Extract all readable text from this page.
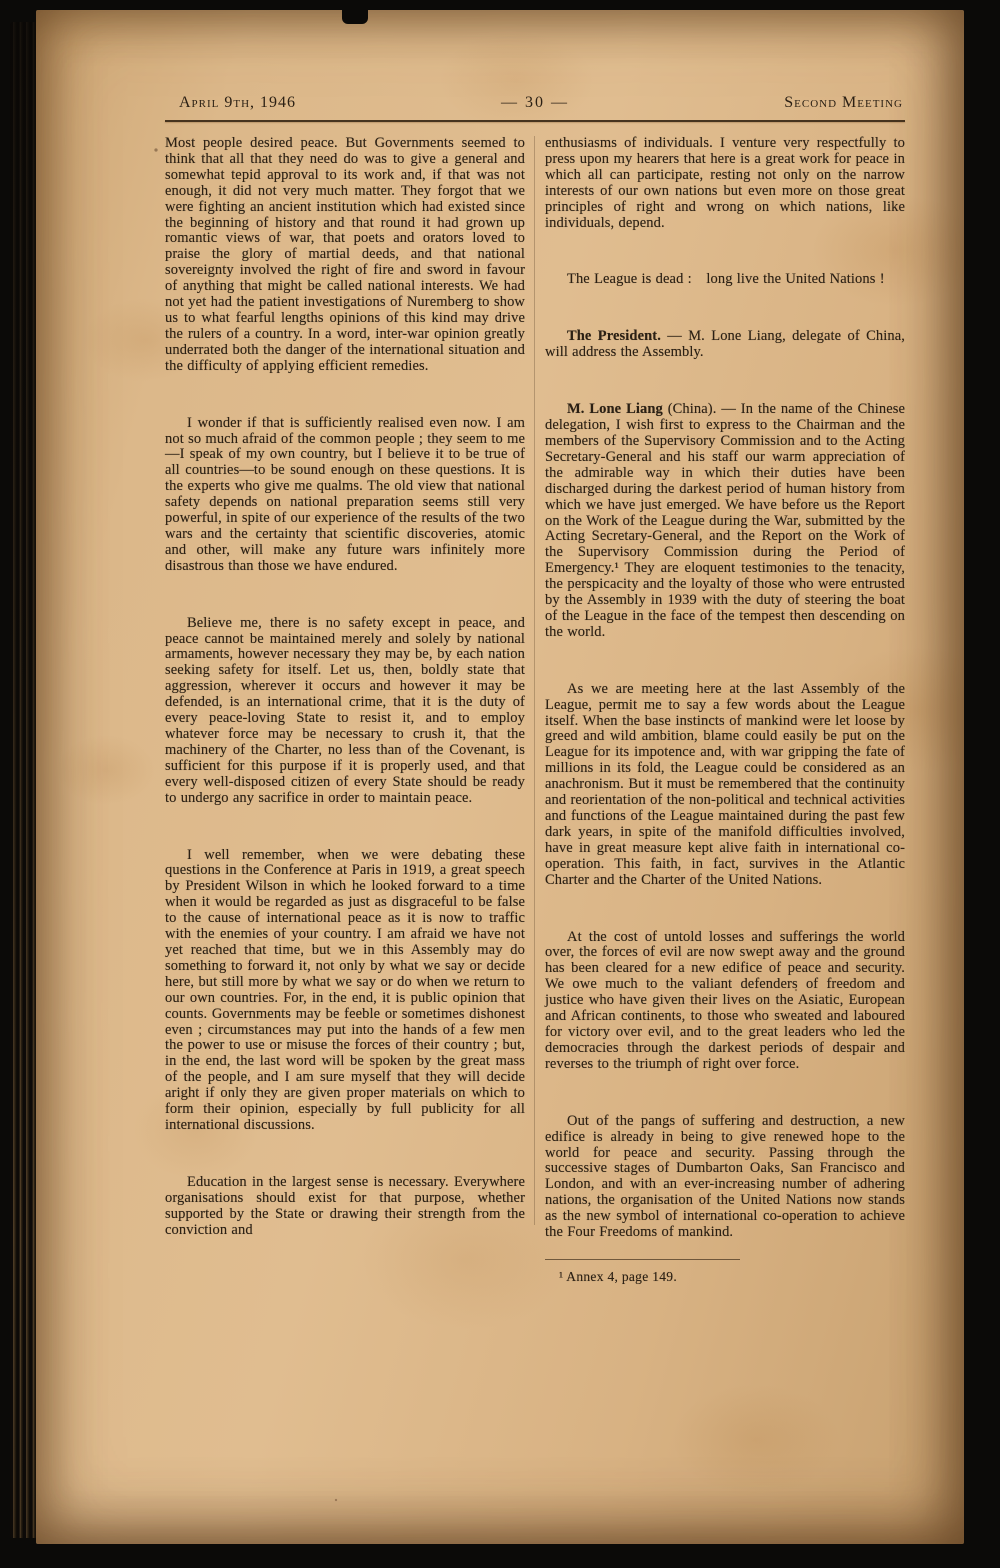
April 9th, 1946	— 30 —	Second Meeting

Most people desired peace. But Governments seemed to think that all that they need do was to give a general and somewhat tepid approval to its work and, if that was not enough, it did not very much matter. They forgot that we were fighting an ancient institution which had existed since the beginning of history and that round it had grown up romantic views of war, that poets and orators loved to praise the glory of martial deeds, and that national sovereignty involved the right of fire and sword in favour of anything that might be called national interests. We had not yet had the patient investigations of Nuremberg to show us to what fearful lengths opinions of this kind may drive the rulers of a country. In a word, inter-war opinion greatly underrated both the danger of the international situation and the difficulty of applying efficient remedies.

I wonder if that is sufficiently realised even now. I am not so much afraid of the common people ; they seem to me—I speak of my own country, but I believe it to be true of all countries—to be sound enough on these questions. It is the experts who give me qualms. The old view that national safety depends on national preparation seems still very powerful, in spite of our experience of the results of the two wars and the certainty that scientific discoveries, atomic and other, will make any future wars infinitely more disastrous than those we have endured.

Believe me, there is no safety except in peace, and peace cannot be maintained merely and solely by national armaments, however necessary they may be, by each nation seeking safety for itself. Let us, then, boldly state that aggression, wherever it occurs and however it may be defended, is an international crime, that it is the duty of every peace-loving State to resist it, and to employ whatever force may be necessary to crush it, that the machinery of the Charter, no less than of the Covenant, is sufficient for this purpose if it is properly used, and that every well-disposed citizen of every State should be ready to undergo any sacrifice in order to maintain peace.

I well remember, when we were debating these questions in the Conference at Paris in 1919, a great speech by President Wilson in which he looked forward to a time when it would be regarded as just as disgraceful to be false to the cause of international peace as it is now to traffic with the enemies of your country. I am afraid we have not yet reached that time, but we in this Assembly may do something to forward it, not only by what we say or decide here, but still more by what we say or do when we return to our own countries. For, in the end, it is public opinion that counts. Governments may be feeble or sometimes dishonest even ; circumstances may put into the hands of a few men the power to use or misuse the forces of their country ; but, in the end, the last word will be spoken by the great mass of the people, and I am sure myself that they will decide aright if only they are given proper materials on which to form their opinion, especially by full publicity for all international discussions.

Education in the largest sense is necessary. Everywhere organisations should exist for that purpose, whether supported by the State or drawing their strength from the conviction and

enthusiasms of individuals. I venture very respectfully to press upon my hearers that here is a great work for peace in which all can participate, resting not only on the narrow interests of our own nations but even more on those great principles of right and wrong on which nations, like individuals, depend.

The League is dead : long live the United Nations !

The President. — M. Lone Liang, delegate of China, will address the Assembly.

M. Lone Liang (China). — In the name of the Chinese delegation, I wish first to express to the Chairman and the members of the Supervisory Commission and to the Acting Secretary-General and his staff our warm appreciation of the admirable way in which their duties have been discharged during the darkest period of human history from which we have just emerged. We have before us the Report on the Work of the League during the War, submitted by the Acting Secretary-General, and the Report on the Work of the Supervisory Commission during the Period of Emergency.¹ They are eloquent testimonies to the tenacity, the perspicacity and the loyalty of those who were entrusted by the Assembly in 1939 with the duty of steering the boat of the League in the face of the tempest then descending on the world.

As we are meeting here at the last Assembly of the League, permit me to say a few words about the League itself. When the base instincts of mankind were let loose by greed and wild ambition, blame could easily be put on the League for its impotence and, with war gripping the fate of millions in its fold, the League could be considered as an anachronism. But it must be remembered that the continuity and reorientation of the non-political and technical activities and functions of the League maintained during the past few dark years, in spite of the manifold difficulties involved, have in great measure kept alive faith in international co-operation. This faith, in fact, survives in the Atlantic Charter and the Charter of the United Nations.

At the cost of untold losses and sufferings the world over, the forces of evil are now swept away and the ground has been cleared for a new edifice of peace and security. We owe much to the valiant defenders of freedom and justice who have given their lives on the Asiatic, European and African continents, to those who sweated and laboured for victory over evil, and to the great leaders who led the democracies through the darkest periods of despair and reverses to the triumph of right over force.

Out of the pangs of suffering and destruction, a new edifice is already in being to give renewed hope to the world for peace and security. Passing through the successive stages of Dumbarton Oaks, San Francisco and London, and with an ever-increasing number of adhering nations, the organisation of the United Nations now stands as the new symbol of international co-operation to achieve the Four Freedoms of mankind.

¹ Annex 4, page 149.
